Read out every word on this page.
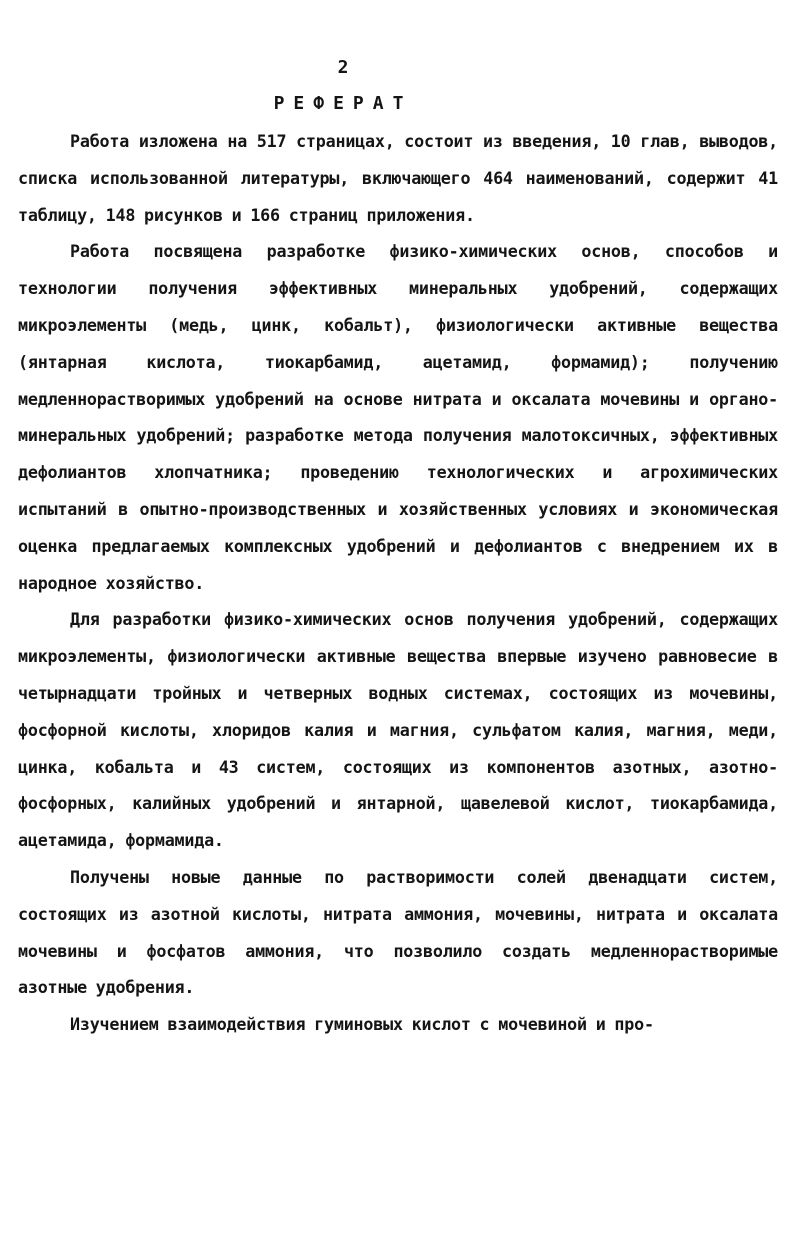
2

РЕФЕРАТ

Работа изложена на 517 страницах, состоит из введения, 10 глав, выводов, списка использованной литературы, включающего 464 наименований, содержит 41 таблицу, 148 рисунков и 166 страниц приложения.

Работа посвящена разработке физико-химических основ, способов и технологии получения эффективных минеральных удобрений, содержащих микроэлементы (медь, цинк, кобальт), физиологически активные вещества (янтарная кислота, тиокарбамид, ацетамид, формамид); получению медленнорастворимых удобрений на основе нитрата и оксалата мочевины и органо-минеральных удобрений; разработке метода получения малотоксичных, эффективных дефолиантов хлопчатника; проведению технологических и агрохимических испытаний в опытно-производственных и хозяйственных условиях и экономическая оценка предлагаемых комплексных удобрений и дефолиантов с внедрением их в народное хозяйство.

Для разработки физико-химических основ получения удобрений, содержащих микроэлементы, физиологически активные вещества впервые изучено равновесие в четырнадцати тройных и четверных водных системах, состоящих из мочевины, фосфорной кислоты, хлоридов калия и магния, сульфатом калия, магния, меди, цинка, кобальта и 43 систем, состоящих из компонентов азотных, азотно-фосфорных, калийных удобрений и янтарной, щавелевой кислот, тиокарбамида, ацетамида, формамида.

Получены новые данные по растворимости солей двенадцати систем, состоящих из азотной кислоты, нитрата аммония, мочевины, нитрата и оксалата мочевины и фосфатов аммония, что позволило создать медленнорастворимые азотные удобрения.

Изучением взаимодействия гуминовых кислот с мочевиной и про-
